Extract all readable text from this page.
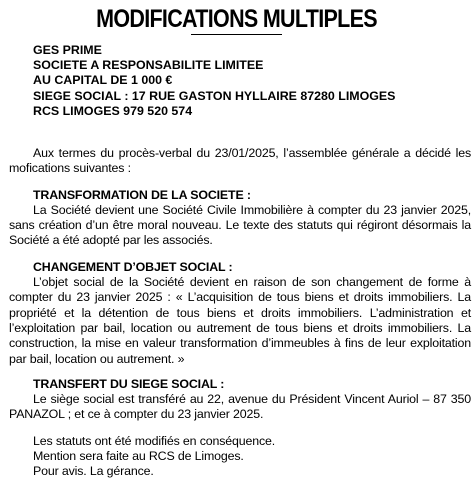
MODIFICATIONS MULTIPLES
GES PRIME
SOCIETE A RESPONSABILITE LIMITEE
AU CAPITAL DE 1 000 €
SIEGE SOCIAL : 17 RUE GASTON HYLLAIRE 87280 LIMOGES
RCS LIMOGES 979 520 574

Aux termes du procès-verbal du 23/01/2025, l’assemblée générale a décidé les mofications suivantes :

TRANSFORMATION DE LA SOCIETE :

La Société devient une Société Civile Immobilière à compter du 23 janvier 2025, sans création d’un être moral nouveau. Le texte des statuts qui régiront désormais la Société a été adopté par les associés.

CHANGEMENT D’OBJET SOCIAL :

L’objet social de la Société devient en raison de son changement de forme à compter du 23 janvier 2025 : « L’acquisition de tous biens et droits immobiliers. La propriété et la détention de tous biens et droits immobiliers. L’administration et l’exploitation par bail, location ou autrement de tous biens et droits immobiliers. La construction, la mise en valeur transformation d’immeubles à fins de leur exploitation par bail, location ou autrement. »

TRANSFERT DU SIEGE SOCIAL :

Le siège social est transféré au 22, avenue du Président Vincent Auriol – 87 350 PANAZOL ; et ce à compter du 23 janvier 2025.

Les statuts ont été modifiés en conséquence.

Mention sera faite au RCS de Limoges.

Pour avis. La gérance.
